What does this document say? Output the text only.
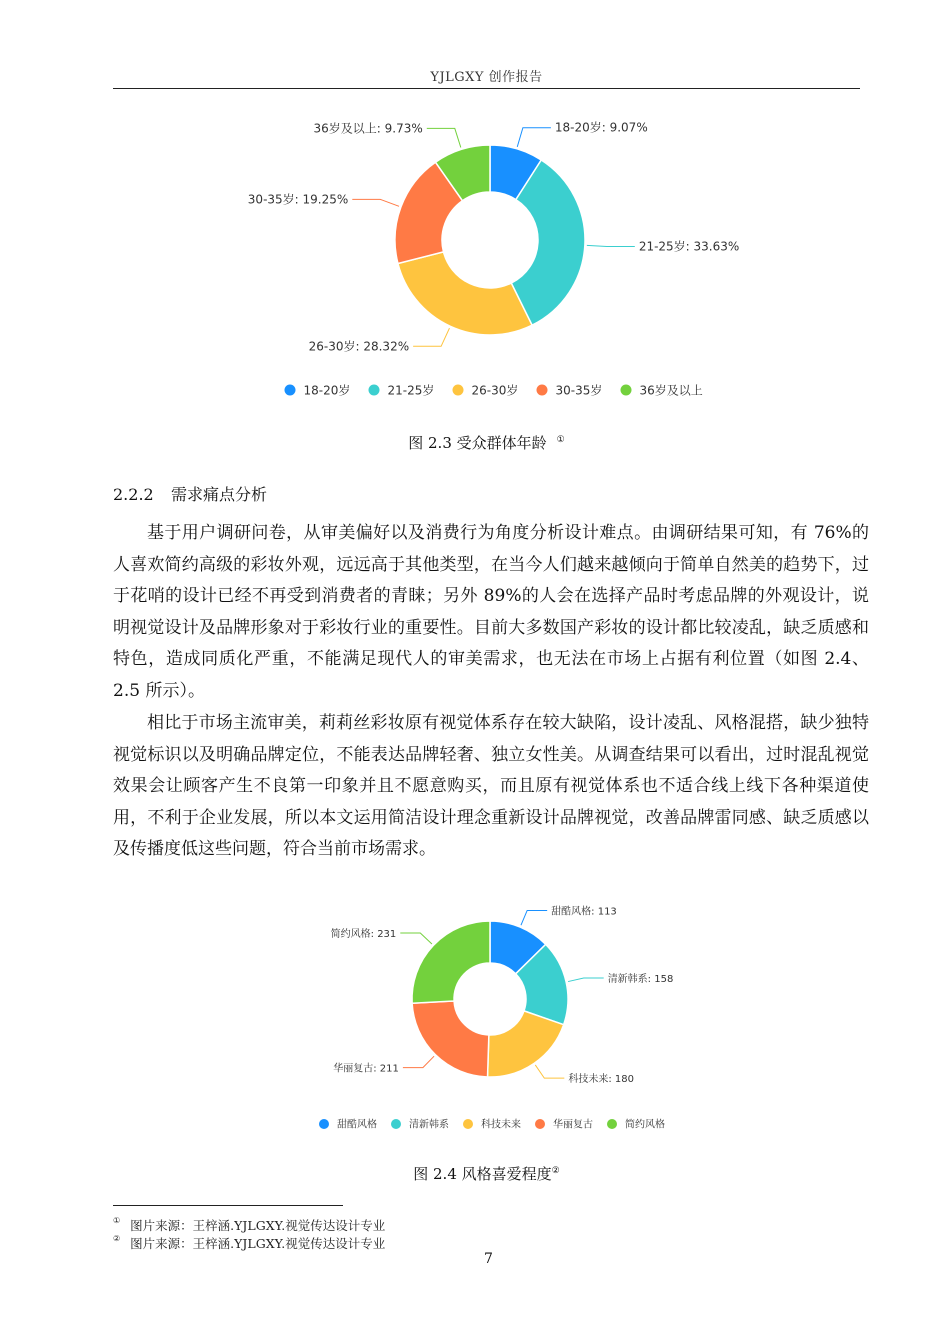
YJLGXY 创作报告
18-20岁: 9.07%
21-25岁: 33.63%
26-30岁: 28.32%
30-35岁: 19.25%
36岁及以上: 9.73%
18-20岁	21-25岁	26-30岁	30-35岁	36岁及以上
图 2.3 受众群体年龄 ①
2.2.2 需求痛点分析

基于用户调研问卷，从审美偏好以及消费行为角度分析设计难点。由调研结果可知，有 76%的人喜欢简约高级的彩妆外观，远远高于其他类型，在当今人们越来越倾向于简单自然美的趋势下，过于花哨的设计已经不再受到消费者的青睐；另外 89%的人会在选择产品时考虑品牌的外观设计，说明视觉设计及品牌形象对于彩妆行业的重要性。目前大多数国产彩妆的设计都比较凌乱，缺乏质感和特色，造成同质化严重，不能满足现代人的审美需求，也无法在市场上占据有利位置（如图 2.4、2.5 所示）。

相比于市场主流审美，莉莉丝彩妆原有视觉体系存在较大缺陷，设计凌乱、风格混搭，缺少独特视觉标识以及明确品牌定位，不能表达品牌轻奢、独立女性美。从调查结果可以看出，过时混乱视觉效果会让顾客产生不良第一印象并且不愿意购买，而且原有视觉体系也不适合线上线下各种渠道使用，不利于企业发展，所以本文运用简洁设计理念重新设计品牌视觉，改善品牌雷同感、缺乏质感以及传播度低这些问题，符合当前市场需求。

甜酷风格: 113
清新韩系: 158
科技未来: 180
华丽复古: 211
简约风格: 231
甜酷风格	清新韩系	科技未来	华丽复古	简约风格
图 2.4 风格喜爱程度②
① 图片来源：王梓涵.YJLGXY.视觉传达设计专业
② 图片来源：王梓涵.YJLGXY.视觉传达设计专业
7
